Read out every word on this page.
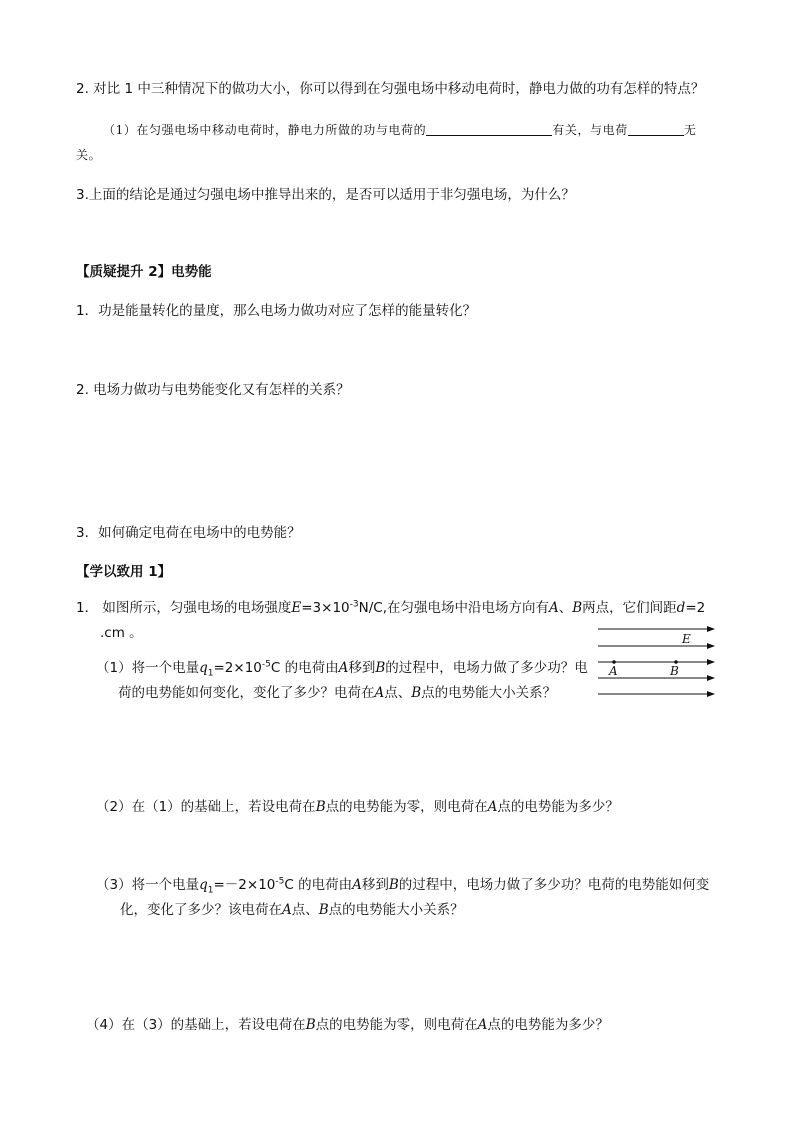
2. 对比 1 中三种情况下的做功大小，你可以得到在匀强电场中移动电荷时，静电力做的功有怎样的特点？
（1）在匀强电场中移动电荷时，静电力所做的功与电荷的	有关，与电荷	无
关。
3.上面的结论是通过匀强电场中推导出来的，是否可以适用于非匀强电场，为什么？
【质疑提升 2】电势能
1．功是能量转化的量度，那么电场力做功对应了怎样的能量转化？
2. 电场力做功与电势能变化又有怎样的关系？
3．如何确定电荷在电场中的电势能？
【学以致用 1】
1． 如图所示，匀强电场的电场强度$E=3\times 10^{-3}N/C$,在匀强电场中沿电场方向有A、B两点，它们间距d=2
.cm 。
（1）将一个电量$q_1=2\times 10^{-5}C$ 的电荷由A移到B的过程中，电场力做了多少功？电
荷的电势能如何变化，变化了多少？电荷在A点、B点的电势能大小关系？
E
A	B
（2）在（1）的基础上，若设电荷在B点的电势能为零，则电荷在A点的电势能为多少？
（3）将一个电量$q_1=-2\times 10^{-5}C$ 的电荷由A移到B的过程中，电场力做了多少功？电荷的电势能如何变
化，变化了多少？该电荷在A点、B点的电势能大小关系？
（4）在（3）的基础上，若设电荷在B点的电势能为零，则电荷在A点的电势能为多少？
